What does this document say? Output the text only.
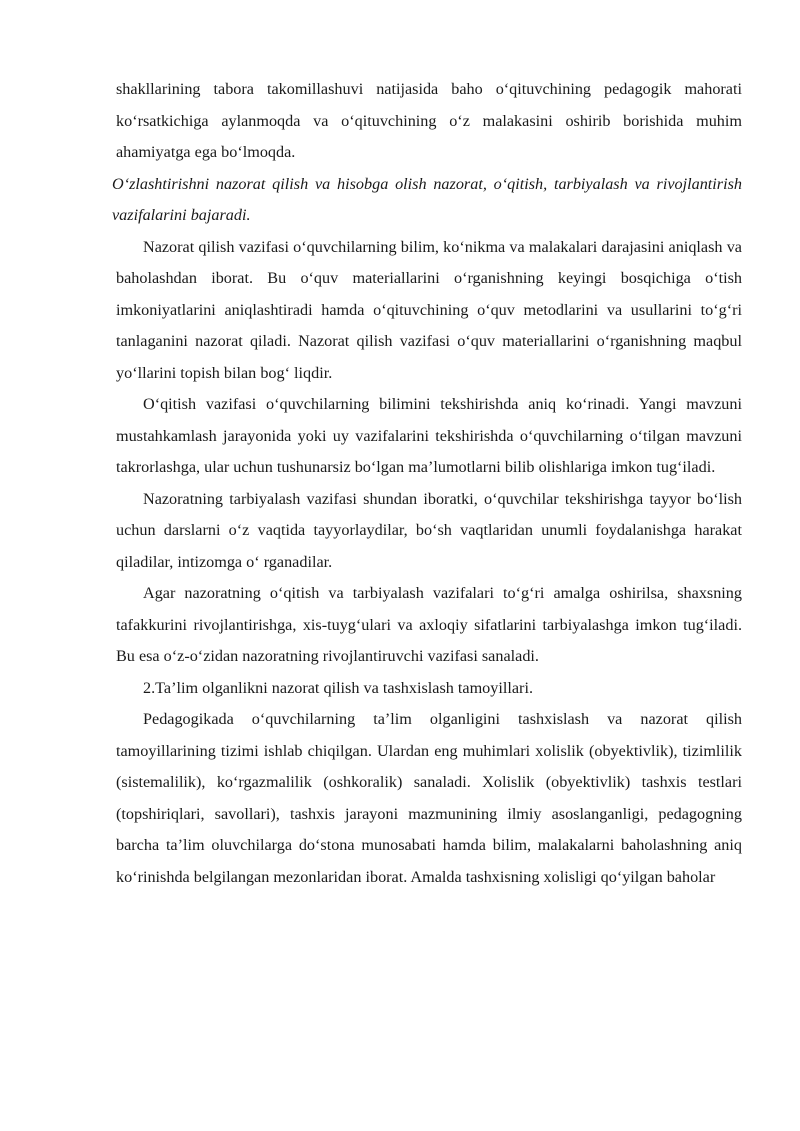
shakllarining tabora takomillashuvi natijasida baho o‘qituvchining pedagogik mahorati ko‘rsatkichiga aylanmoqda va o‘qituvchining o‘z malakasini oshirib borishida muhim ahamiyatga ega bo‘lmoqda.

O‘zlashtirishni nazorat qilish va hisobga olish nazorat, o‘qitish, tarbiyalash va rivojlantirish vazifalarini bajaradi.

Nazorat qilish vazifasi o‘quvchilarning bilim, ko‘nikma va malakalari darajasini aniqlash va baholashdan iborat. Bu o‘quv materiallarini o‘rganishning keyingi bosqichiga o‘tish imkoniyatlarini aniqlashtiradi hamda o‘qituvchining o‘quv metodlarini va usullarini to‘g‘ri tanlaganini nazorat qiladi. Nazorat qilish vazifasi o‘quv materiallarini o‘rganishning maqbul yo‘llarini topish bilan bog‘ liqdir.

O‘qitish vazifasi o‘quvchilarning bilimini tekshirishda aniq ko‘rinadi. Yangi mavzuni mustahkamlash jarayonida yoki uy vazifalarini tekshirishda o‘quvchilarning o‘tilgan mavzuni takrorlashga, ular uchun tushunarsiz bo‘lgan ma’lumotlarni bilib olishlariga imkon tug‘iladi.

Nazoratning tarbiyalash vazifasi shundan iboratki, o‘quvchilar tekshirishga tayyor bo‘lish uchun darslarni o‘z vaqtida tayyorlaydilar, bo‘sh vaqtlaridan unumli foydalanishga harakat qiladilar, intizomga o‘ rganadilar.

Agar nazoratning o‘qitish va tarbiyalash vazifalari to‘g‘ri amalga oshirilsa, shaxsning tafakkurini rivojlantirishga, xis-tuyg‘ulari va axloqiy sifatlarini tarbiyalashga imkon tug‘iladi. Bu esa o‘z-o‘zidan nazoratning rivojlantiruvchi vazifasi sanaladi.

2.Ta’lim olganlikni nazorat qilish va tashxislash tamoyillari.

Pedagogikada o‘quvchilarning ta’lim olganligini tashxislash va nazorat qilish tamoyillarining tizimi ishlab chiqilgan. Ulardan eng muhimlari xolislik (obyektivlik), tizimlilik (sistemalilik), ko‘rgazmalilik (oshkoralik) sanaladi. Xolislik (obyektivlik) tashxis testlari (topshiriqlari, savollari), tashxis jarayoni mazmunining ilmiy asoslanganligi, pedagogning barcha ta’lim oluvchilarga do‘stona munosabati hamda bilim, malakalarni baholashning aniq ko‘rinishda belgilangan mezonlaridan iborat. Amalda tashxisning xolisligi qo‘yilgan baholar
